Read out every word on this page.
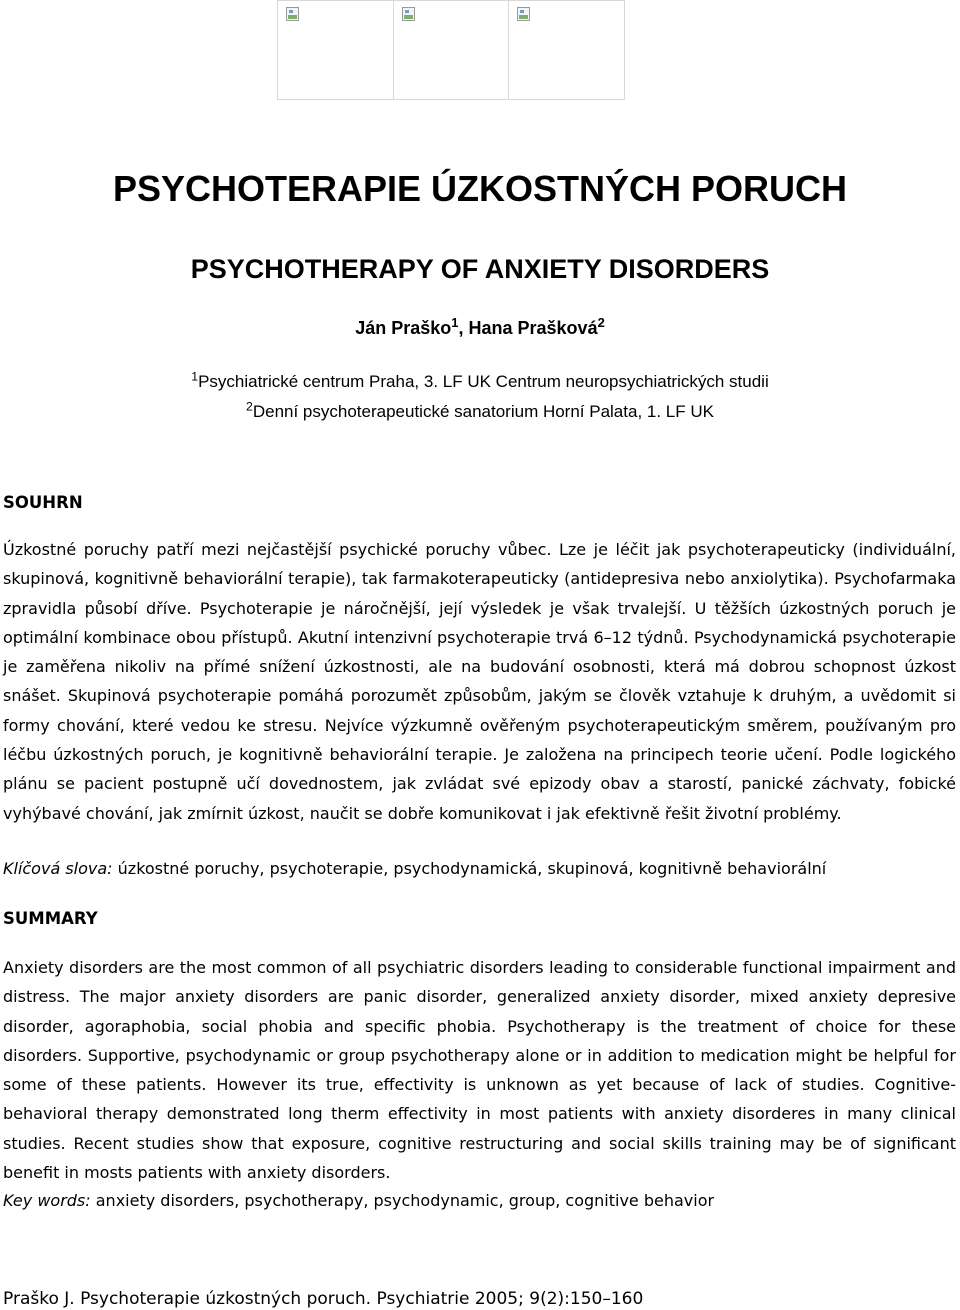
PSYCHOTERAPIE ÚZKOSTNÝCH PORUCH
PSYCHOTHERAPY OF ANXIETY DISORDERS
Ján Praško$^1$, Hana Prašková$^2$
$^1$Psychiatrické centrum Praha, 3. LF UK Centrum neuropsychiatrických studii
$^2$Denní psychoterapeutické sanatorium Horní Palata, 1. LF UK
SOUHRN

Úzkostné poruchy patří mezi nejčastější psychické poruchy vůbec. Lze je léčit jak psychoterapeuticky (individuální, skupinová, kognitivně behaviorální terapie), tak farmakoterapeuticky (antidepresiva nebo anxiolytika). Psychofarmaka zpravidla působí dříve. Psychoterapie je náročnější, její výsledek je však trvalejší. U těžších úzkostných poruch je optimální kombinace obou přístupů. Akutní intenzivní psychoterapie trvá 6–12 týdnů. Psychodynamická psychoterapie je zaměřena nikoliv na přímé snížení úzkostnosti, ale na budování osobnosti, která má dobrou schopnost úzkost snášet. Skupinová psychoterapie pomáhá porozumět způsobům, jakým se člověk vztahuje k druhým, a uvědomit si formy chování, které vedou ke stresu. Nejvíce výzkumně ověřeným psychoterapeutickým směrem, používaným pro léčbu úzkostných poruch, je kognitivně behaviorální terapie. Je založena na principech teorie učení. Podle logického plánu se pacient postupně učí dovednostem, jak zvládat své epizody obav a starostí, panické záchvaty, fobické vyhýbavé chování, jak zmírnit úzkost, naučit se dobře komunikovat i jak efektivně řešit životní problémy.

Klíčová slova: úzkostné poruchy, psychoterapie, psychodynamická, skupinová, kognitivně behaviorální

SUMMARY

Anxiety disorders are the most common of all psychiatric disorders leading to considerable functional impairment and distress. The major anxiety disorders are panic disorder, generalized anxiety disorder, mixed anxiety depresive disorder, agoraphobia, social phobia and specific phobia. Psychotherapy is the treatment of choice for these disorders. Supportive, psychodynamic or group psychotherapy alone or in addition to medication might be helpful for some of these patients. However its true, effectivity is unknown as yet because of lack of studies. Cognitive-behavioral therapy demonstrated long therm effectivity in most patients with anxiety disorderes in many clinical studies. Recent studies show that exposure, cognitive restructuring and social skills training may be of significant benefit in mosts patients with anxiety disorders.

Key words: anxiety disorders, psychotherapy, psychodynamic, group, cognitive behavior

Praško J. Psychoterapie úzkostných poruch. Psychiatrie 2005; 9(2):150–160
